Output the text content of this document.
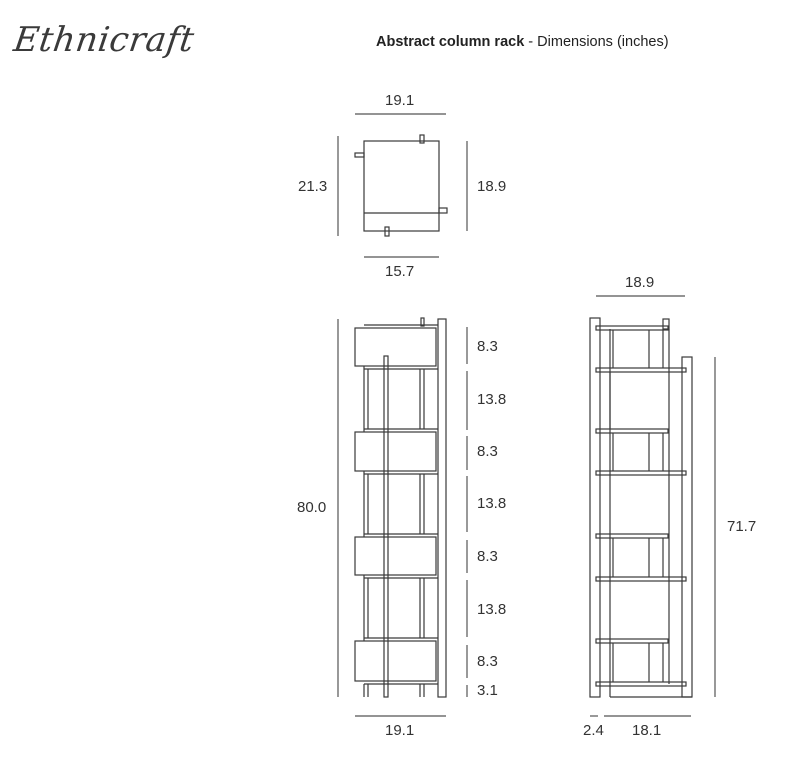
Ethnicraft	Abstract column rack - Dimensions (inches)
19.1
21.3	18.9
15.7
80.0
8.3
13.8
8.3
13.8
8.3
13.8
8.3
3.1
19.1
18.9
71.7
2.4 18.1
